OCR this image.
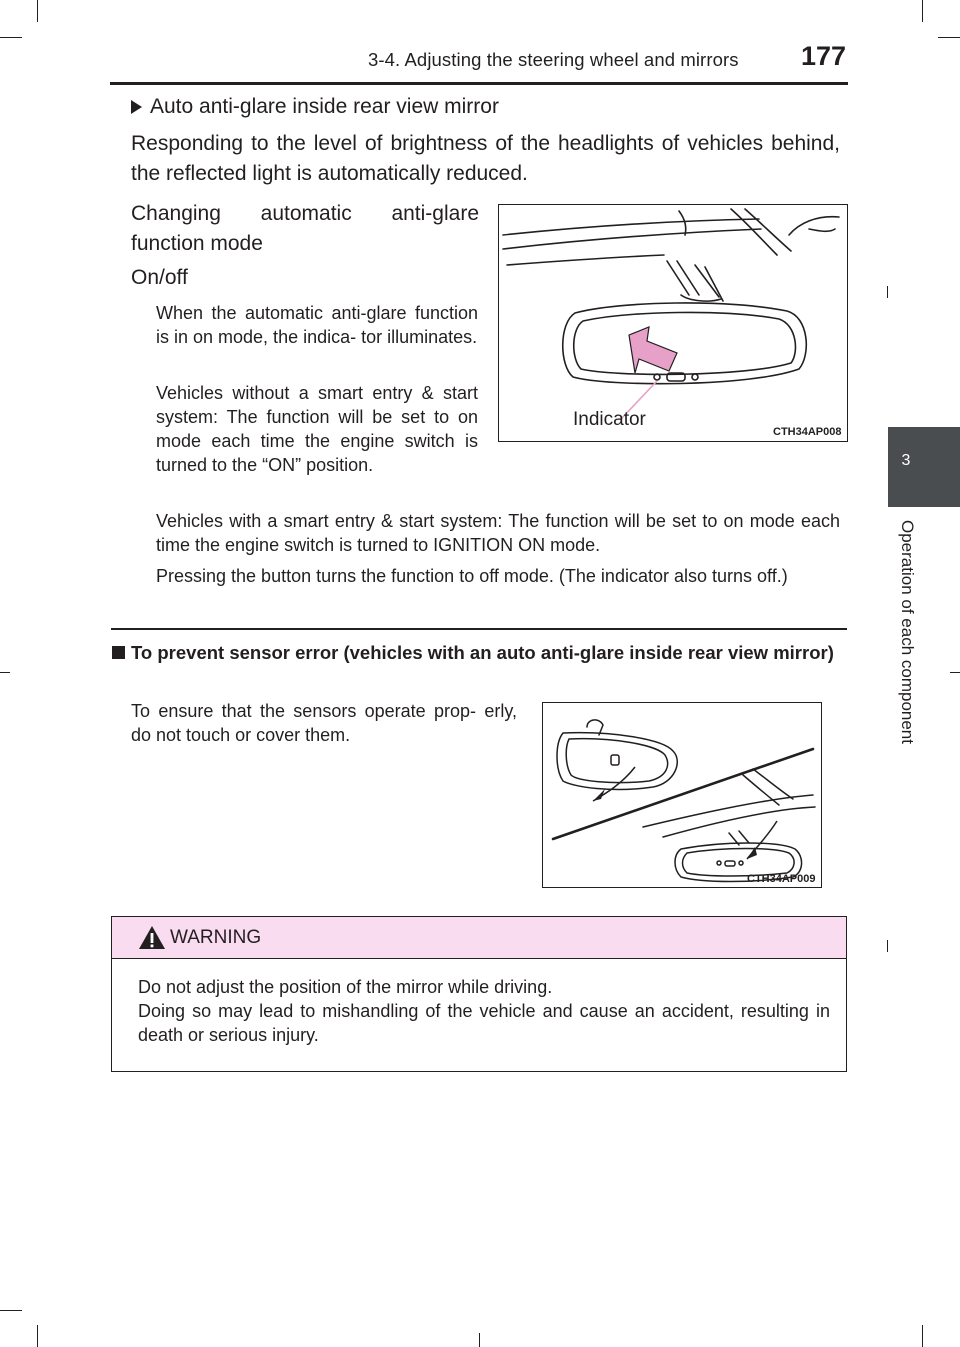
3-4. Adjusting the steering wheel and mirrors 177
3
Operation of each component
Auto anti-glare inside rear view mirror
Responding to the level of brightness of the headlights of vehicles behind, the reflected light is automatically reduced.
Changing automatic anti-glare function mode
On/off
When the automatic anti-glare function is in on mode, the indica- tor illuminates.
Vehicles without a smart entry & start system: The function will be set to on mode each time the engine switch is turned to the “ON” position.
Vehicles with a smart entry & start system: The function will be set to on mode each time the engine switch is turned to IGNITION ON mode.
Pressing the button turns the function to off mode. (The indicator also turns off.)
Indicator
CTH34AP008
To prevent sensor error (vehicles with an auto anti-glare inside rear view mirror)
To ensure that the sensors operate prop- erly, do not touch or cover them.
CTH34AP009
WARNING
Do not adjust the position of the mirror while driving.
Doing so may lead to mishandling of the vehicle and cause an accident, resulting in death or serious injury.
